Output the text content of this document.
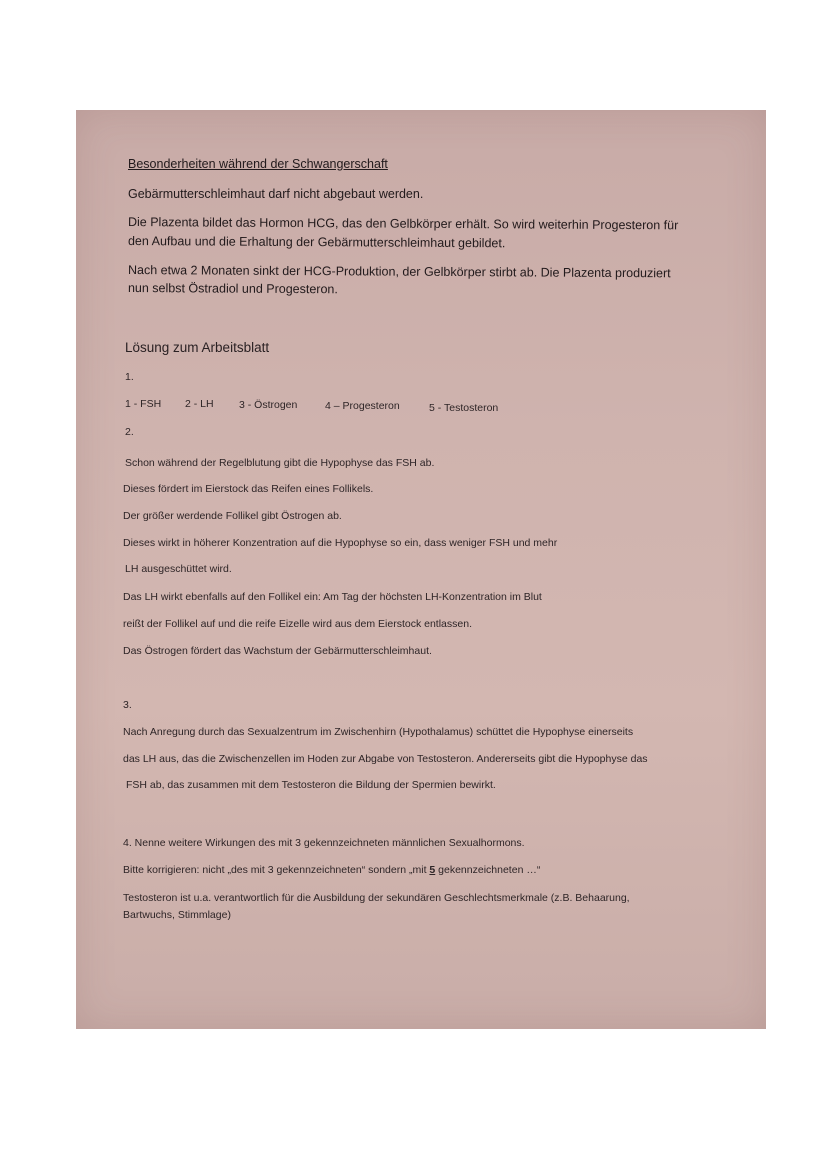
Besonderheiten während der Schwangerschaft
Gebärmutterschleimhaut darf nicht abgebaut werden.
Die Plazenta bildet das Hormon HCG, das den Gelbkörper erhält. So wird weiterhin Progesteron für
den Aufbau und die Erhaltung der Gebärmutterschleimhaut gebildet.
Nach etwa 2 Monaten sinkt der HCG-Produktion, der Gelbkörper stirbt ab. Die Plazenta produziert
nun selbst Östradiol und Progesteron.
Lösung zum Arbeitsblatt
1.
1 - FSH 2 - LH 3 - Östrogen	4 – Progesteron	5 - Testosteron
2.
Schon während der Regelblutung gibt die Hypophyse das FSH ab.
Dieses fördert im Eierstock das Reifen eines Follikels.
Der größer werdende Follikel gibt Östrogen ab.
Dieses wirkt in höherer Konzentration auf die Hypophyse so ein, dass weniger FSH und mehr
LH ausgeschüttet wird.
Das LH wirkt ebenfalls auf den Follikel ein: Am Tag der höchsten LH-Konzentration im Blut
reißt der Follikel auf und die reife Eizelle wird aus dem Eierstock entlassen.
Das Östrogen fördert das Wachstum der Gebärmutterschleimhaut.
3.
Nach Anregung durch das Sexualzentrum im Zwischenhirn (Hypothalamus) schüttet die Hypophyse einerseits
das LH aus, das die Zwischenzellen im Hoden zur Abgabe von Testosteron. Andererseits gibt die Hypophyse das
FSH ab, das zusammen mit dem Testosteron die Bildung der Spermien bewirkt.
4. Nenne weitere Wirkungen des mit 3 gekennzeichneten männlichen Sexualhormons.
Bitte korrigieren: nicht „des mit 3 gekennzeichneten“ sondern „mit 5 gekennzeichneten …“
Testosteron ist u.a. verantwortlich für die Ausbildung der sekundären Geschlechtsmerkmale (z.B. Behaarung,
Bartwuchs, Stimmlage)
